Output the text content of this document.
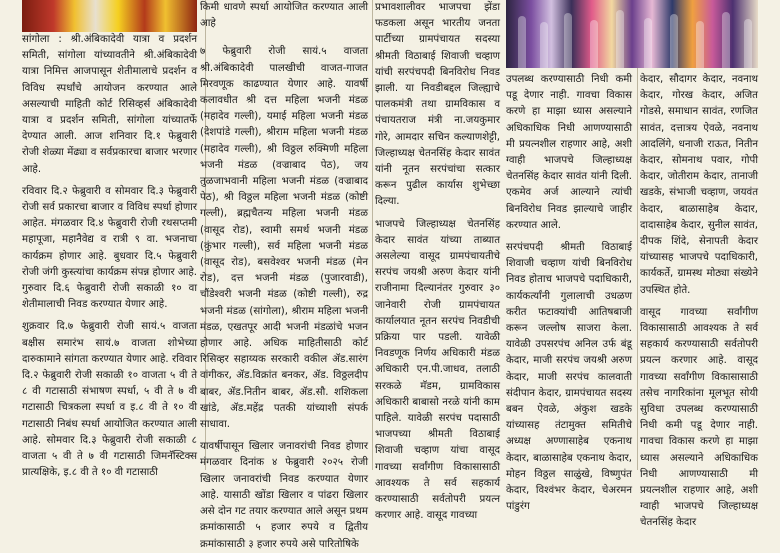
सांगोला : श्री.अंबिकादेवी यात्रा व प्रदर्शन समिती, सांगोला यांच्यावतीने श्री.अंबिकादेवी यात्रा निमित्त आजपासून शेतीमालाचे प्रदर्शन व विविध स्पर्धांचे आयोजन करण्यात आले असल्याची माहिती कोर्ट रिसिव्हर्स अंबिकादेवी यात्रा व प्रदर्शन समिती, सांगोला यांच्यातर्फे देण्यात आली. आज शनिवार दि.१ फेब्रुवारी रोजी शेळ्या मेंढ्या व सर्वप्रकारचा बाजार भरणार आहे.

रविवार दि.२ फेब्रुवारी व सोमवार दि.३ फेब्रुवारी रोजी सर्व प्रकारचा बाजार व विविध स्पर्धा होणार आहेत. मंगळवार दि.४ फेब्रुवारी रोजी रथसप्तमी महापूजा, महानैवेद्य व रात्री ९ वा. भजनाचा कार्यक्रम होणार आहे. बुधवार दि.५ फेब्रुवारी रोजी जंगी कुस्त्यांचा कार्यक्रम संपन्न होणार आहे. गुरुवार दि.६ फेब्रुवारी रोजी सकाळी १० वा शेतीमालाची निवड करण्यात येणार आहे.

शुक्रवार दि.७ फेब्रुवारी रोजी सायं.५ वाजता बक्षीस समारंभ सायं.७ वाजता शोभेच्या दारुकामाने सांगता करण्यात येणार आहे. रविवार दि.२ फेब्रुवारी रोजी सकाळी १० वाजता ५ वी ते ८ वी गटासाठी संभाषण स्पर्धा, ५ वी ते ७ वी गटासाठी चित्रकला स्पर्धा व इ.८ वी ते १० वी गटासाठी निबंध स्पर्धा आयोजित करण्यात आली आहे. सोमवार दि.३ फेब्रुवारी रोजी सकाळी ८ वाजता ५ वी ते ७ वी गटासाठी जिमनॅस्टिक्स प्रात्यक्षिके, इ.८ वी ते १० वी गटासाठी

किमी धावणे स्पर्धा आयोजित करण्यात आली आहे

७ फेब्रुवारी रोजी सायं.५ वाजता श्री.अंबिकादेवी पालखीची वाजत-गाजत मिरवणूक काढण्यात येणार आहे. यावर्षी कलावधीत श्री दत्त महिला भजनी मंडळ (महादेव गल्ली), यमाई महिला भजनी मंडळ (देशपांडे गल्ली), श्रीराम महिला भजनी मंडळ (महादेव गल्ली), श्री विठ्ठल रुक्मिणी महिला भजनी मंडळ (वज्राबाद पेठ), जय तुळजाभवानी महिला भजनी मंडळ (वज्राबाद पेठ), श्री विठ्ठल महिला भजनी मंडळ (कोष्टी गल्ली), ब्रह्मचैतन्य महिला भजनी मंडळ (वासूद रोड), स्वामी समर्थ भजनी मंडळ (कुंभार गल्ली), सर्व महिला भजनी मंडळ (वासूद रोड), बसवेश्वर भजनी मंडळ (मेन रोड), दत्त भजनी मंडळ (पुजारवाडी), चौंडेश्वरी भजनी मंडळ (कोष्टी गल्ली), रुद्र भजनी मंडळ (सांगोला), श्रीराम महिला भजनी मंडळ, एखतपूर आदी भजनी मंडळांचे भजन होणार आहे. अधिक माहितीसाठी कोर्ट रिसिव्हर सहाय्यक सरकारी वकील ॲड.सारंग वांगीकर, ॲड.विक्रांत बनकर, ॲड. विठ्ठलदीप बाबर, ॲड.नितीन बाबर, ॲड.सौ. शशिकला खांडे, ॲड.महेंद्र पतकी यांच्याशी संपर्क साधावा.

यावर्षीपासून खिलार जनावरांची निवड होणार मंगळवार दिनांक ४ फेब्रुवारी २०२५ रोजी खिलार जनावरांची निवड करण्यात येणार आहे. यासाठी खोंडा खिलार व पांढरा खिलार असे दोन गट तयार करण्यात आले असून प्रथम क्रमांकासाठी ५ हजार रुपये व द्वितीय क्रमांकासाठी ३ हजार रुपये असे पारितोषिके

प्रभावशालीवर भाजपचा झेंडा फडकला असून भारतीय जनता पार्टीच्या ग्रामपंचायत सदस्या श्रीमती विठाबाई शिवाजी चव्हाण यांची सरपंचपदी बिनविरोध निवड झाली. या निवडीबद्दल जिल्ह्याचे पालकमंत्री तथा ग्रामविकास व पंचायतराज मंत्री ना.जयकुमार गोरे, आमदार सचिन कल्याणशेट्टी, जिल्हाध्यक्ष चेतनसिंह केदार सावंत यांनी नूतन सरपंचांचा सत्कार करून पुढील कार्यास शुभेच्छा दिल्या.

भाजपचे जिल्हाध्यक्ष चेतनसिंह केदार सावंत यांच्या ताब्यात असलेल्या वासूद ग्रामपंचायतीचे सरपंच जयश्री अरुण केदार यांनी राजीनामा दिल्यानंतर गुरुवार ३० जानेवारी रोजी ग्रामपंचायत कार्यालयात नूतन सरपंच निवडीची प्रक्रिया पार पडली. यावेळी निवडणूक निर्णय अधिकारी मंडळ अधिकारी एन.पी.जाधव, तलाठी सरकळे मॅडम, ग्रामविकास अधिकारी बाबासो नरळे यांनी काम पाहिले. यावेळी सरपंच पदासाठी भाजपच्या श्रीमती विठाबाई शिवाजी चव्हाण यांचा वासूद गावच्या सर्वांगीण विकासासाठी आवश्यक ते सर्व सहकार्य करण्यासाठी सर्वतोपरी प्रयत्न करणार आहे. वासूद गावच्या

उपलब्ध करण्यासाठी निधी कमी पडू देणार नाही. गावचा विकास करणे हा माझा ध्यास असल्याने अधिकाधिक निधी आणण्यासाठी मी प्रयत्नशील राहणार आहे, अशी ग्वाही भाजपचे जिल्हाध्यक्ष चेतनसिंह केदार सावंत यांनी दिली. एकमेव अर्ज आल्याने त्यांची बिनविरोध निवड झाल्याचे जाहीर करण्यात आले.

सरपंचपदी श्रीमती विठाबाई शिवाजी चव्हाण यांची बिनविरोध निवड होताच भाजपचे पदाधिकारी, कार्यकर्त्यांनी गुलालाची उधळण करीत फटाक्यांची आतिषबाजी करून जल्लोष साजरा केला. यावेळी उपसरपंच अनिल उर्फ बंडू केदार, माजी सरपंच जयश्री अरुण केदार, माजी सरपंच कालवाती संदीपान केदार, ग्रामपंचायत सदस्य बबन ऐवळे, अंकुश खडके यांच्यासह तंटामुक्त समितीचे अध्यक्ष अण्णासाहेब एकनाथ केदार, बाळासाहेब एकनाथ केदार, मोहन विठ्ठल साळुंखे, विष्णुपंत केदार, विश्वंभर केदार, चेअरमन पांडुरंग

केदार, सौदागर केदार, नवनाथ केदार, गोरख केदार, अजित गोडसे, समाधान सावंत, रणजित सावंत, दत्तात्रय ऐवळे, नवनाथ आदलिंगे, धनाजी राऊत, नितीन केदार, सोमनाथ पवार, गोपी केदार, जोतीराम केदार, तानाजी खडके, संभाजी चव्हाण, जयवंत केदार, बाळासाहेब केदार, दादासाहेब केदार, सुनील सावंत, दीपक शिंदे, सेनापती केदार यांच्यासह भाजपचे पदाधिकारी, कार्यकर्ते, ग्रामस्थ मोठ्या संख्येने उपस्थित होते.

वासूद गावच्या सर्वांगीण विकासासाठी आवश्यक ते सर्व सहकार्य करण्यासाठी सर्वतोपरी प्रयत्न करणार आहे. वासूद गावच्या सर्वांगीण विकासासाठी तसेच नागरिकांना मूलभूत सोयी सुविधा उपलब्ध करण्यासाठी निधी कमी पडू देणार नाही. गावचा विकास करणे हा माझा ध्यास असल्याने अधिकाधिक निधी आणण्यासाठी मी प्रयत्नशील राहणार आहे, अशी ग्वाही भाजपचे जिल्हाध्यक्ष चेतनसिंह केदार
